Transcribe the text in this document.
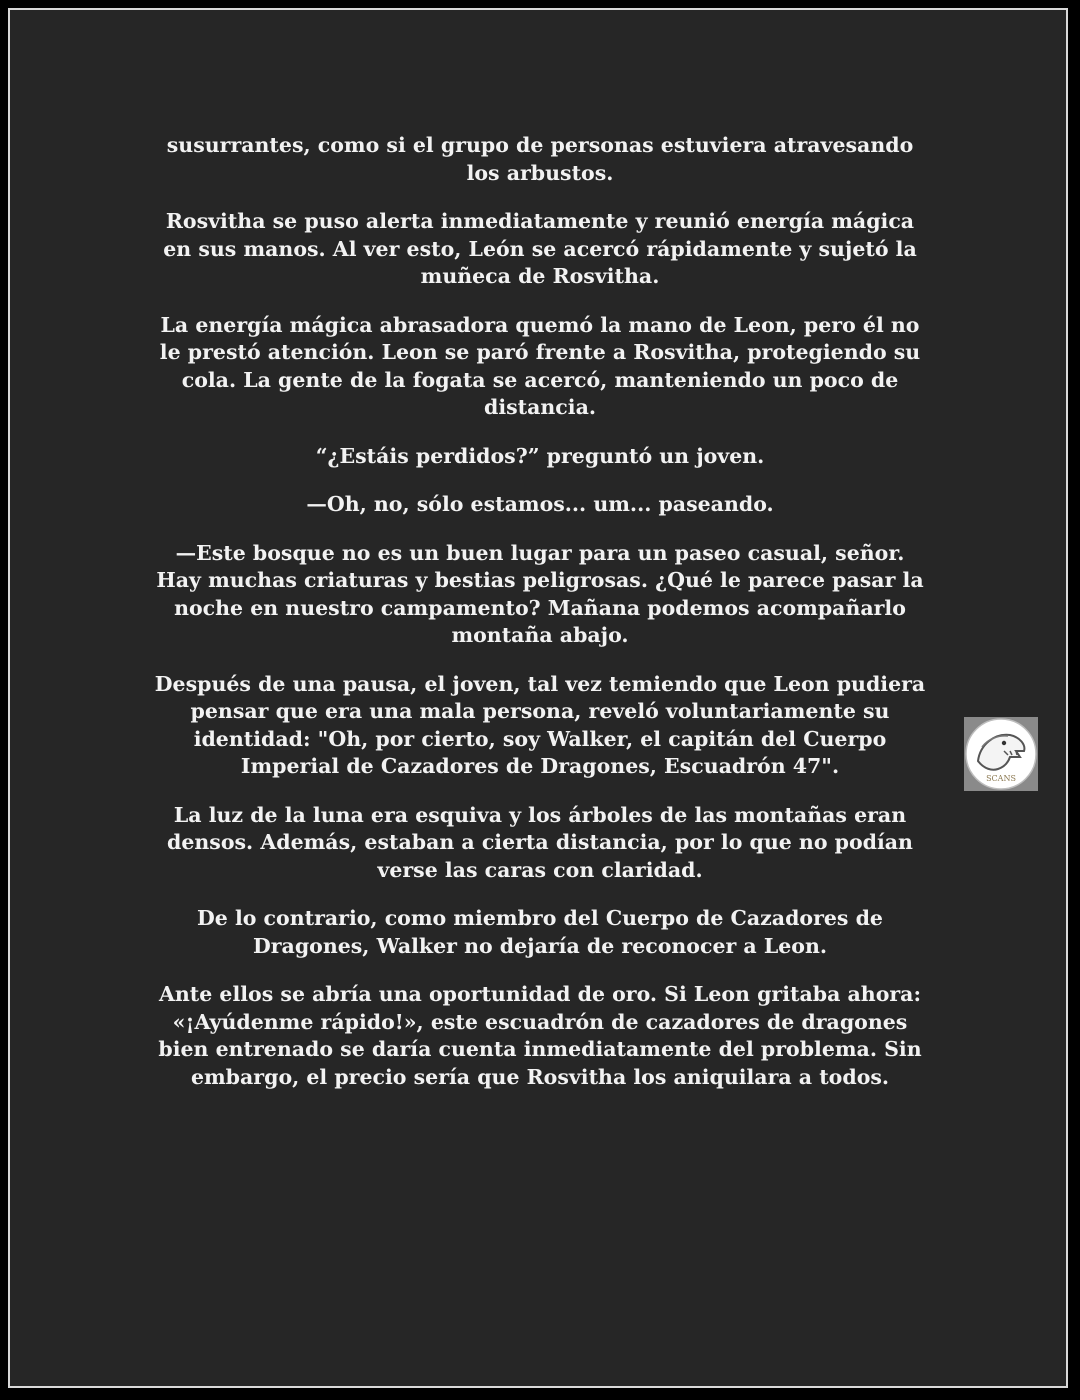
susurrantes, como si el grupo de personas estuviera atravesando los arbustos.

Rosvitha se puso alerta inmediatamente y reunió energía mágica en sus manos. Al ver esto, León se acercó rápidamente y sujetó la muñeca de Rosvitha.

La energía mágica abrasadora quemó la mano de Leon, pero él no le prestó atención. Leon se paró frente a Rosvitha, protegiendo su cola. La gente de la fogata se acercó, manteniendo un poco de distancia.

“¿Estáis perdidos?” preguntó un joven.

—Oh, no, sólo estamos... um... paseando.

—Este bosque no es un buen lugar para un paseo casual, señor. Hay muchas criaturas y bestias peligrosas. ¿Qué le parece pasar la noche en nuestro campamento? Mañana podemos acompañarlo montaña abajo.

Después de una pausa, el joven, tal vez temiendo que Leon pudiera pensar que era una mala persona, reveló voluntariamente su identidad: "Oh, por cierto, soy Walker, el capitán del Cuerpo Imperial de Cazadores de Dragones, Escuadrón 47".

La luz de la luna era esquiva y los árboles de las montañas eran densos. Además, estaban a cierta distancia, por lo que no podían verse las caras con claridad.

De lo contrario, como miembro del Cuerpo de Cazadores de Dragones, Walker no dejaría de reconocer a Leon.

Ante ellos se abría una oportunidad de oro. Si Leon gritaba ahora: «¡Ayúdenme rápido!», este escuadrón de cazadores de dragones bien entrenado se daría cuenta inmediatamente del problema. Sin embargo, el precio sería que Rosvitha los aniquilara a todos.

SCANS
